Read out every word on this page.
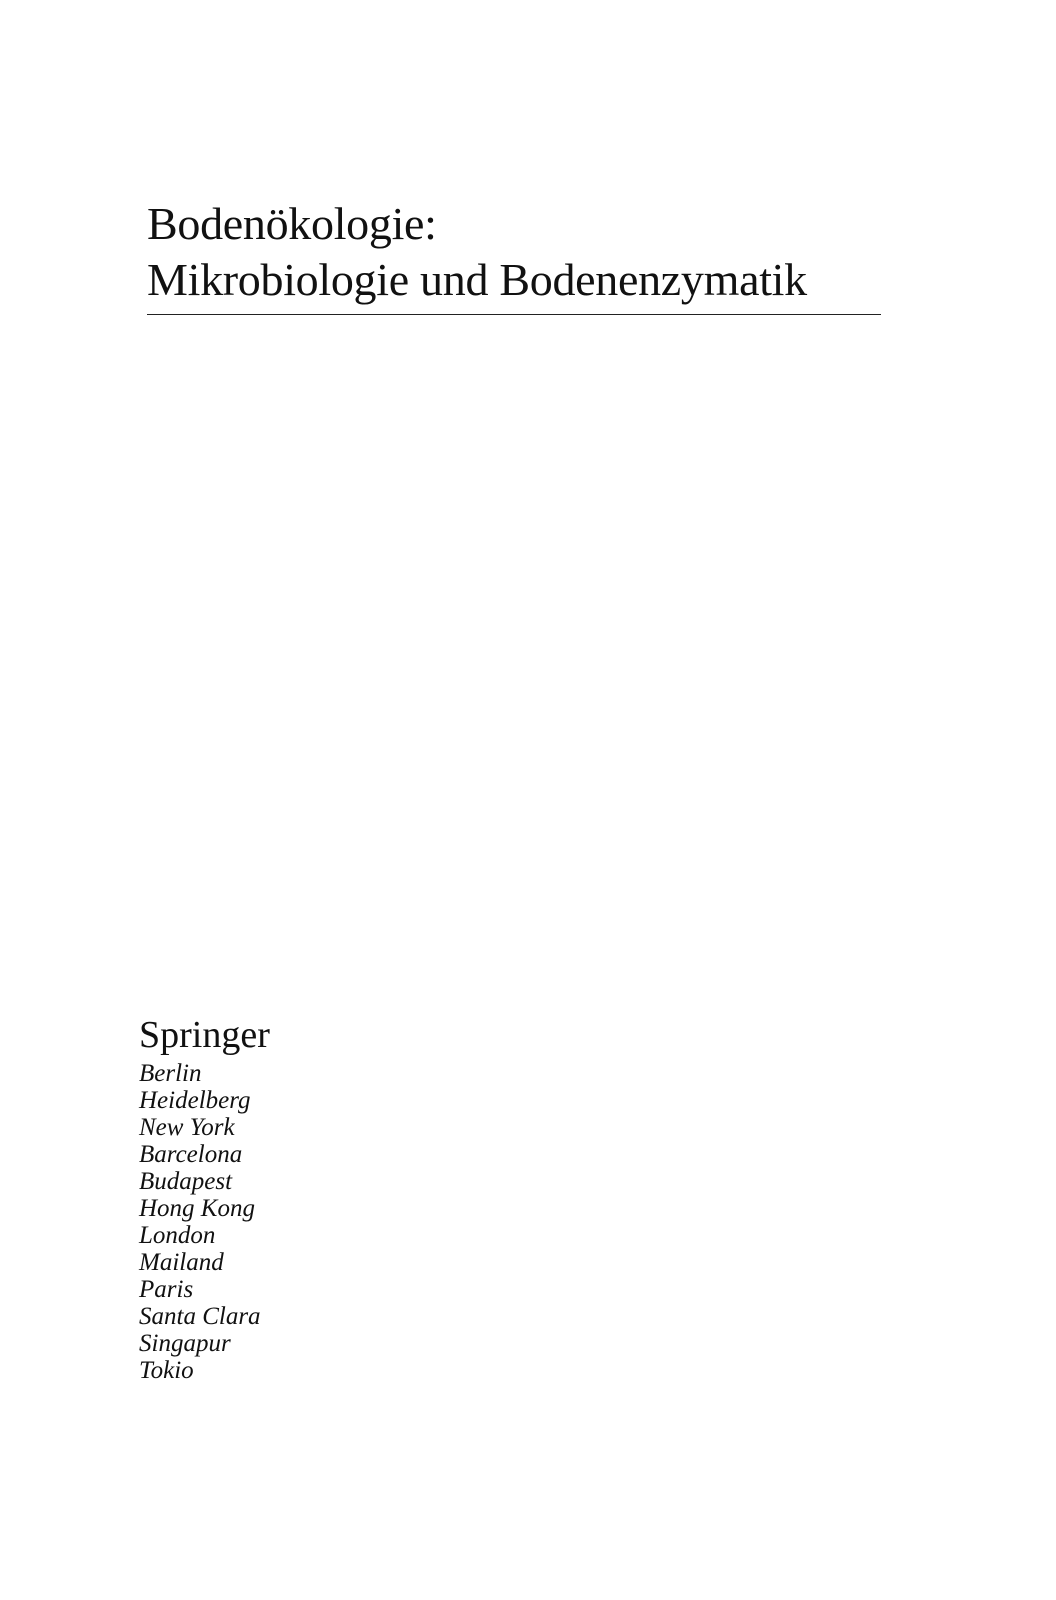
Bodenökologie:
Mikrobiologie und Bodenenzymatik
Springer
Berlin
Heidelberg
New York
Barcelona
Budapest
Hong Kong
London
Mailand
Paris
Santa Clara
Singapur
Tokio
